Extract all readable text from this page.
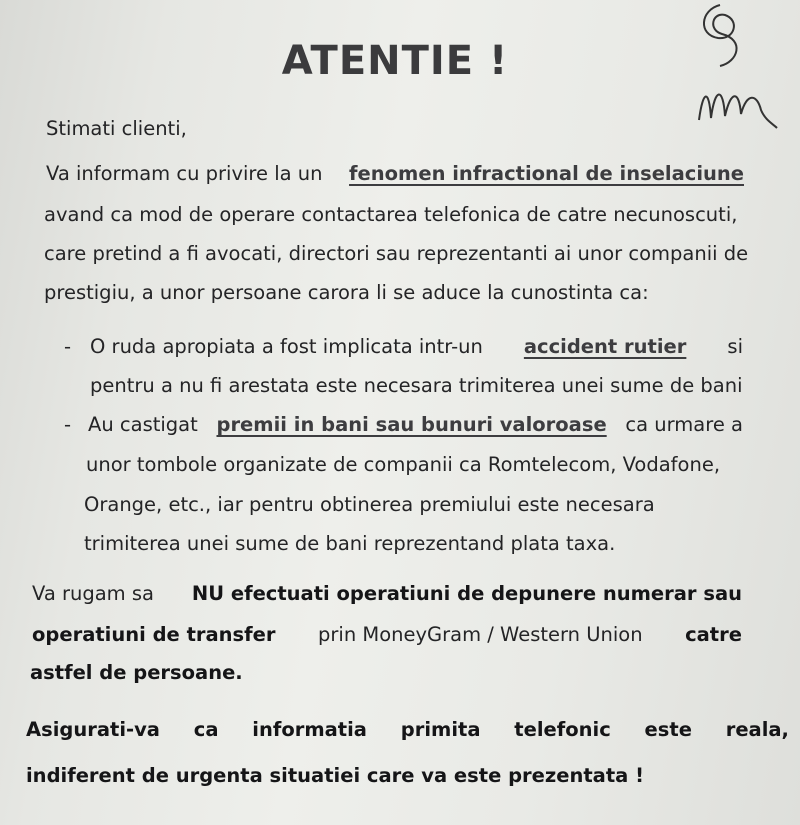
ATENTIE !
Stimati clienti,
Va informam cu privire la un fenomen infractional de inselaciune
avand ca mod de operare contactarea telefonica de catre necunoscuti,
care pretind a fi avocati, directori sau reprezentanti ai unor companii de
prestigiu, a unor persoane carora li se aduce la cunostinta ca:
- O ruda apropiata a fost implicata intr-un accident rutier si
pentru a nu fi arestata este necesara trimiterea unei sume de bani
- Au castigat premii in bani sau bunuri valoroase ca urmare a
unor tombole organizate de companii ca Romtelecom, Vodafone,
Orange, etc., iar pentru obtinerea premiului este necesara
trimiterea unei sume de bani reprezentand plata taxa.
Va rugam sa NU efectuati operatiuni de depunere numerar sau
operatiuni de transfer prin MoneyGram / Western Union catre
astfel de persoane.
Asigurati-va ca informatia primita telefonic este reala,
indiferent de urgenta situatiei care va este prezentata !
